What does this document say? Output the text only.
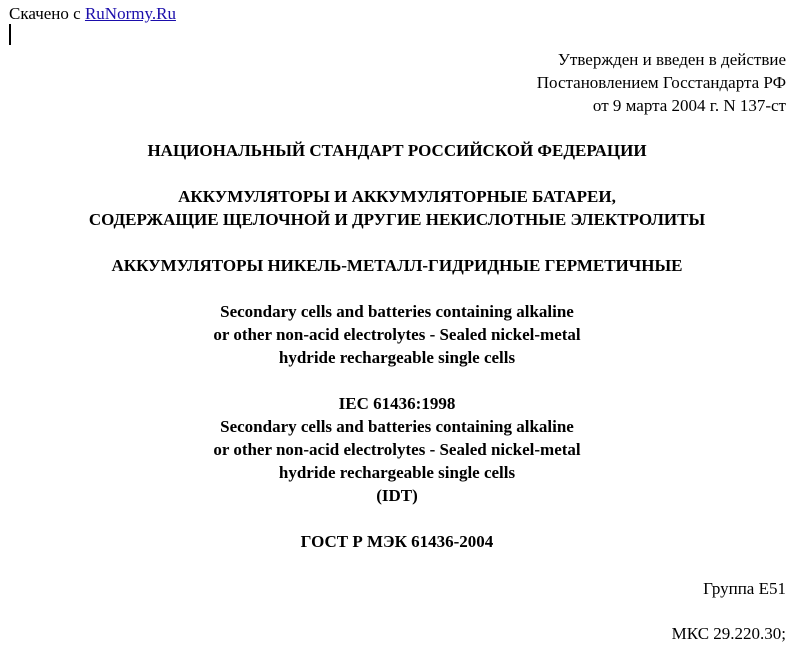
Скачено с RuNormy.Ru
Утвержден и введен в действие
Постановлением Госстандарта РФ
от 9 марта 2004 г. N 137-ст
НАЦИОНАЛЬНЫЙ СТАНДАРТ РОССИЙСКОЙ ФЕДЕРАЦИИ
АККУМУЛЯТОРЫ И АККУМУЛЯТОРНЫЕ БАТАРЕИ,
СОДЕРЖАЩИЕ ЩЕЛОЧНОЙ И ДРУГИЕ НЕКИСЛОТНЫЕ ЭЛЕКТРОЛИТЫ
АККУМУЛЯТОРЫ НИКЕЛЬ-МЕТАЛЛ-ГИДРИДНЫЕ ГЕРМЕТИЧНЫЕ
Secondary cells and batteries containing alkaline
or other non-acid electrolytes - Sealed nickel-metal
hydride rechargeable single cells
IEC 61436:1998
Secondary cells and batteries containing alkaline
or other non-acid electrolytes - Sealed nickel-metal
hydride rechargeable single cells
(IDT)
ГОСТ Р МЭК 61436-2004
Группа Е51
МКС 29.220.30;
